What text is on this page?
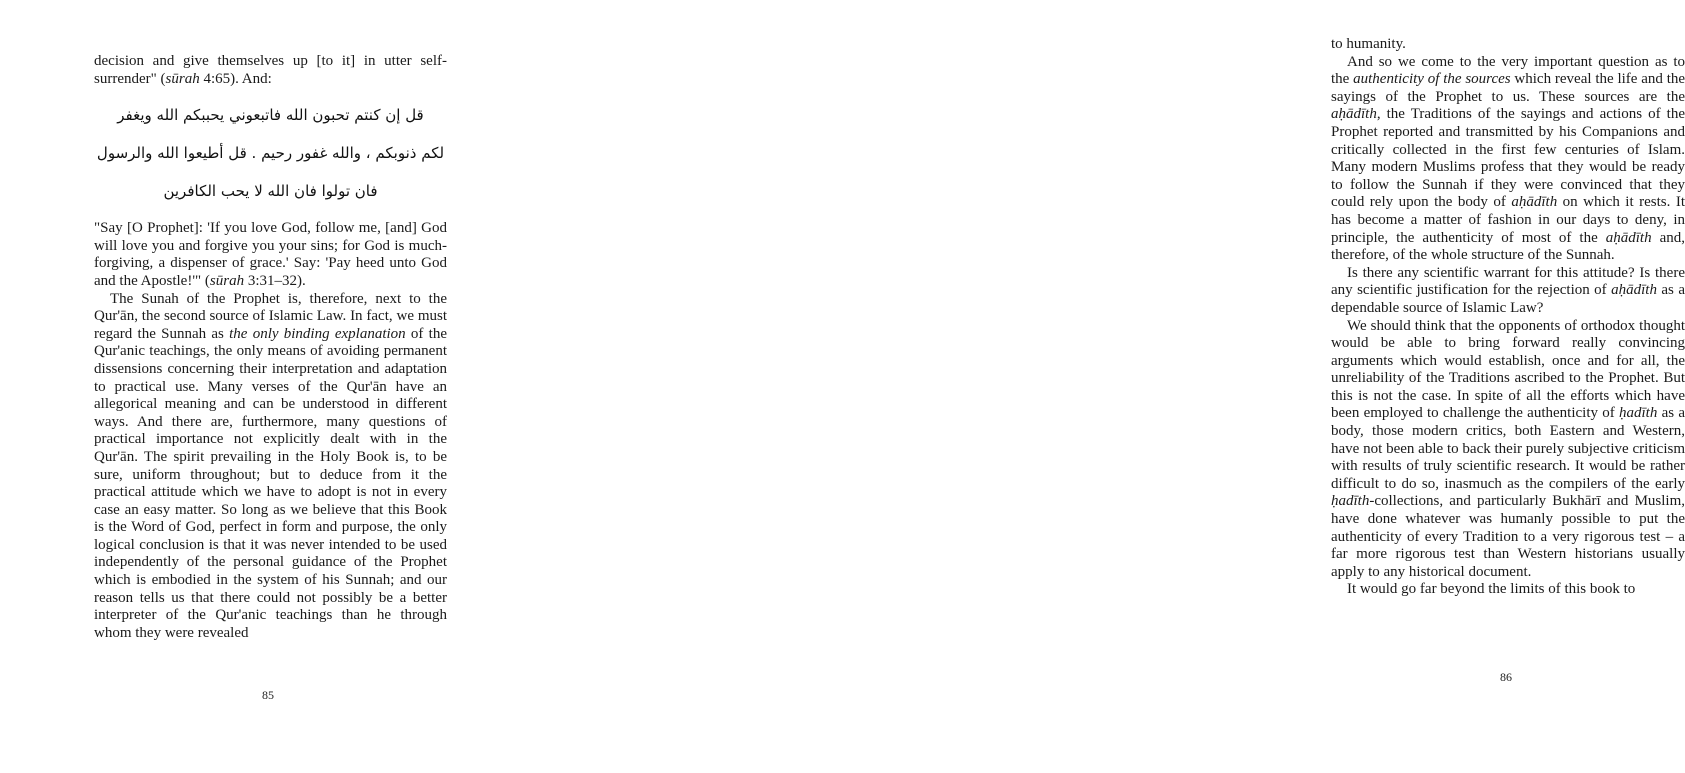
decision and give themselves up [to it] in utter self-surrender" (sūrah 4:65). And:

قل إن كنتم تحبون الله فاتبعوني يحببكم الله ويغفر
لكم ذنوبكم ، والله غفور رحيم . قل أطيعوا الله والرسول
فان تولوا فان الله لا يحب الكافرين

"Say [O Prophet]: 'If you love God, follow me, [and] God will love you and forgive you your sins; for God is much-forgiving, a dispenser of grace.' Say: 'Pay heed unto God and the Apostle!'" (sūrah 3:31–32).

The Sunah of the Prophet is, therefore, next to the Qur'ān, the second source of Islamic Law. In fact, we must regard the Sunnah as the only binding explanation of the Qur'anic teachings, the only means of avoiding permanent dissensions concerning their interpretation and adaptation to practical use. Many verses of the Qur'ān have an allegorical meaning and can be understood in different ways. And there are, furthermore, many questions of practical importance not explicitly dealt with in the Qur'ān. The spirit prevailing in the Holy Book is, to be sure, uniform throughout; but to deduce from it the practical attitude which we have to adopt is not in every case an easy matter. So long as we believe that this Book is the Word of God, perfect in form and purpose, the only logical conclusion is that it was never intended to be used independently of the personal guidance of the Prophet which is embodied in the system of his Sunnah; and our reason tells us that there could not possibly be a better interpreter of the Qur'anic teachings than he through whom they were revealed

85

to humanity.

And so we come to the very important question as to the authenticity of the sources which reveal the life and the sayings of the Prophet to us. These sources are the aḥādīth, the Traditions of the sayings and actions of the Prophet reported and transmitted by his Companions and critically collected in the first few centuries of Islam. Many modern Muslims profess that they would be ready to follow the Sunnah if they were convinced that they could rely upon the body of aḥādīth on which it rests. It has become a matter of fashion in our days to deny, in principle, the authenticity of most of the aḥādīth and, therefore, of the whole structure of the Sunnah.

Is there any scientific warrant for this attitude? Is there any scientific justification for the rejection of aḥādīth as a dependable source of Islamic Law?

We should think that the opponents of orthodox thought would be able to bring forward really convincing arguments which would establish, once and for all, the unreliability of the Traditions ascribed to the Prophet. But this is not the case. In spite of all the efforts which have been employed to challenge the authenticity of ḥadīth as a body, those modern critics, both Eastern and Western, have not been able to back their purely subjective criticism with results of truly scientific research. It would be rather difficult to do so, inasmuch as the compilers of the early ḥadīth-collections, and particularly Bukhārī and Muslim, have done whatever was humanly possible to put the authenticity of every Tradition to a very rigorous test – a far more rigorous test than Western historians usually apply to any historical document.

It would go far beyond the limits of this book to

86
